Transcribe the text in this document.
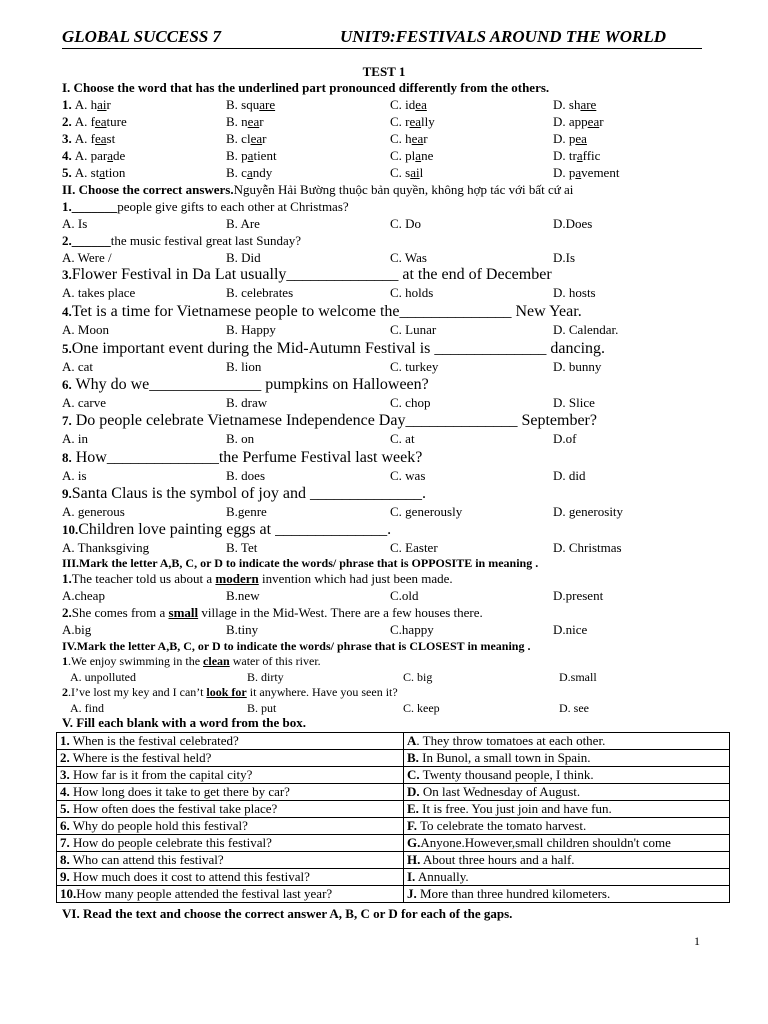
GLOBAL SUCCESS 7	UNIT9:FESTIVALS AROUND THE WORLD
TEST 1
I. Choose the word that has the underlined part pronounced differently from the others.
1. A. hair	B. square	C. idea	D. share
2. A. feature	B. near	C. really	D. appear
3. A. feast	B. clear	C. hear	D. pea
4. A. parade	B. patient	C. plane	D. traffic
5. A. station	B. candy	C. sail	D. pavement
II. Choose the correct answers.Nguyễn Hải Bường thuộc bản quyền, không hợp tác với bất cứ ai
1._______people give gifts to each other at Christmas?
A. Is	B. Are	C. Do	D.Does
2.______the music festival great last Sunday?
A. Were /	B. Did	C. Was	D.Is
3.Flower Festival in Da Lat usually______________ at the end of December
A. takes place	B. celebrates	C. holds	D. hosts
4.Tet is a time for Vietnamese people to welcome the______________ New Year.
A. Moon	B. Happy	C. Lunar	D. Calendar.
5.One important event during the Mid-Autumn Festival is ______________ dancing.
A. cat	B. lion	C. turkey	D. bunny
6. Why do we______________ pumpkins on Halloween?
A. carve	B. draw	C. chop	D. Slice
7. Do people celebrate Vietnamese Independence Day______________ September?
A. in	B. on	C. at	D.of
8. How______________the Perfume Festival last week?
A. is	B. does	C. was	D. did
9.Santa Claus is the symbol of joy and ______________.
A. generous	B.genre	C. generously	D. generosity
10.Children love painting eggs at ______________.
A. Thanksgiving	B. Tet	C. Easter	D. Christmas
III.Mark the letter A,B, C, or D to indicate the words/ phrase that is OPPOSITE in meaning .
1.The teacher told us about a modern invention which had just been made.
A.cheap	B.new	C.old	D.present
2.She comes from a small village in the Mid-West. There are a few houses there.
A.big	B.tiny	C.happy	D.nice
IV.Mark the letter A,B, C, or D to indicate the words/ phrase that is CLOSEST in meaning .
1.We enjoy swimming in the clean water of this river.
A. unpolluted	B. dirty	C. big	D.small
2.I’ve lost my key and I can’t look for it anywhere. Have you seen it?
A. find	B. put	C. keep	D. see
V. Fill each blank with a word from the box.
1. When is the festival celebrated?	A. They throw tomatoes at each other.
2. Where is the festival held?	B. In Bunol, a small town in Spain.
3. How far is it from the capital city?	C. Twenty thousand people, I think.
4. How long does it take to get there by car?	D. On last Wednesday of August.
5. How often does the festival take place?	E. It is free. You just join and have fun.
6. Why do people hold this festival?	F. To celebrate the tomato harvest.
7. How do people celebrate this festival?	G.Anyone.However,small children shouldn't come
8. Who can attend this festival?	H. About three hours and a half.
9. How much does it cost to attend this festival?	I. Annually.
10.How many people attended the festival last year?	J. More than three hundred kilometers.
VI. Read the text and choose the correct answer A, B, C or D for each of the gaps.
1
